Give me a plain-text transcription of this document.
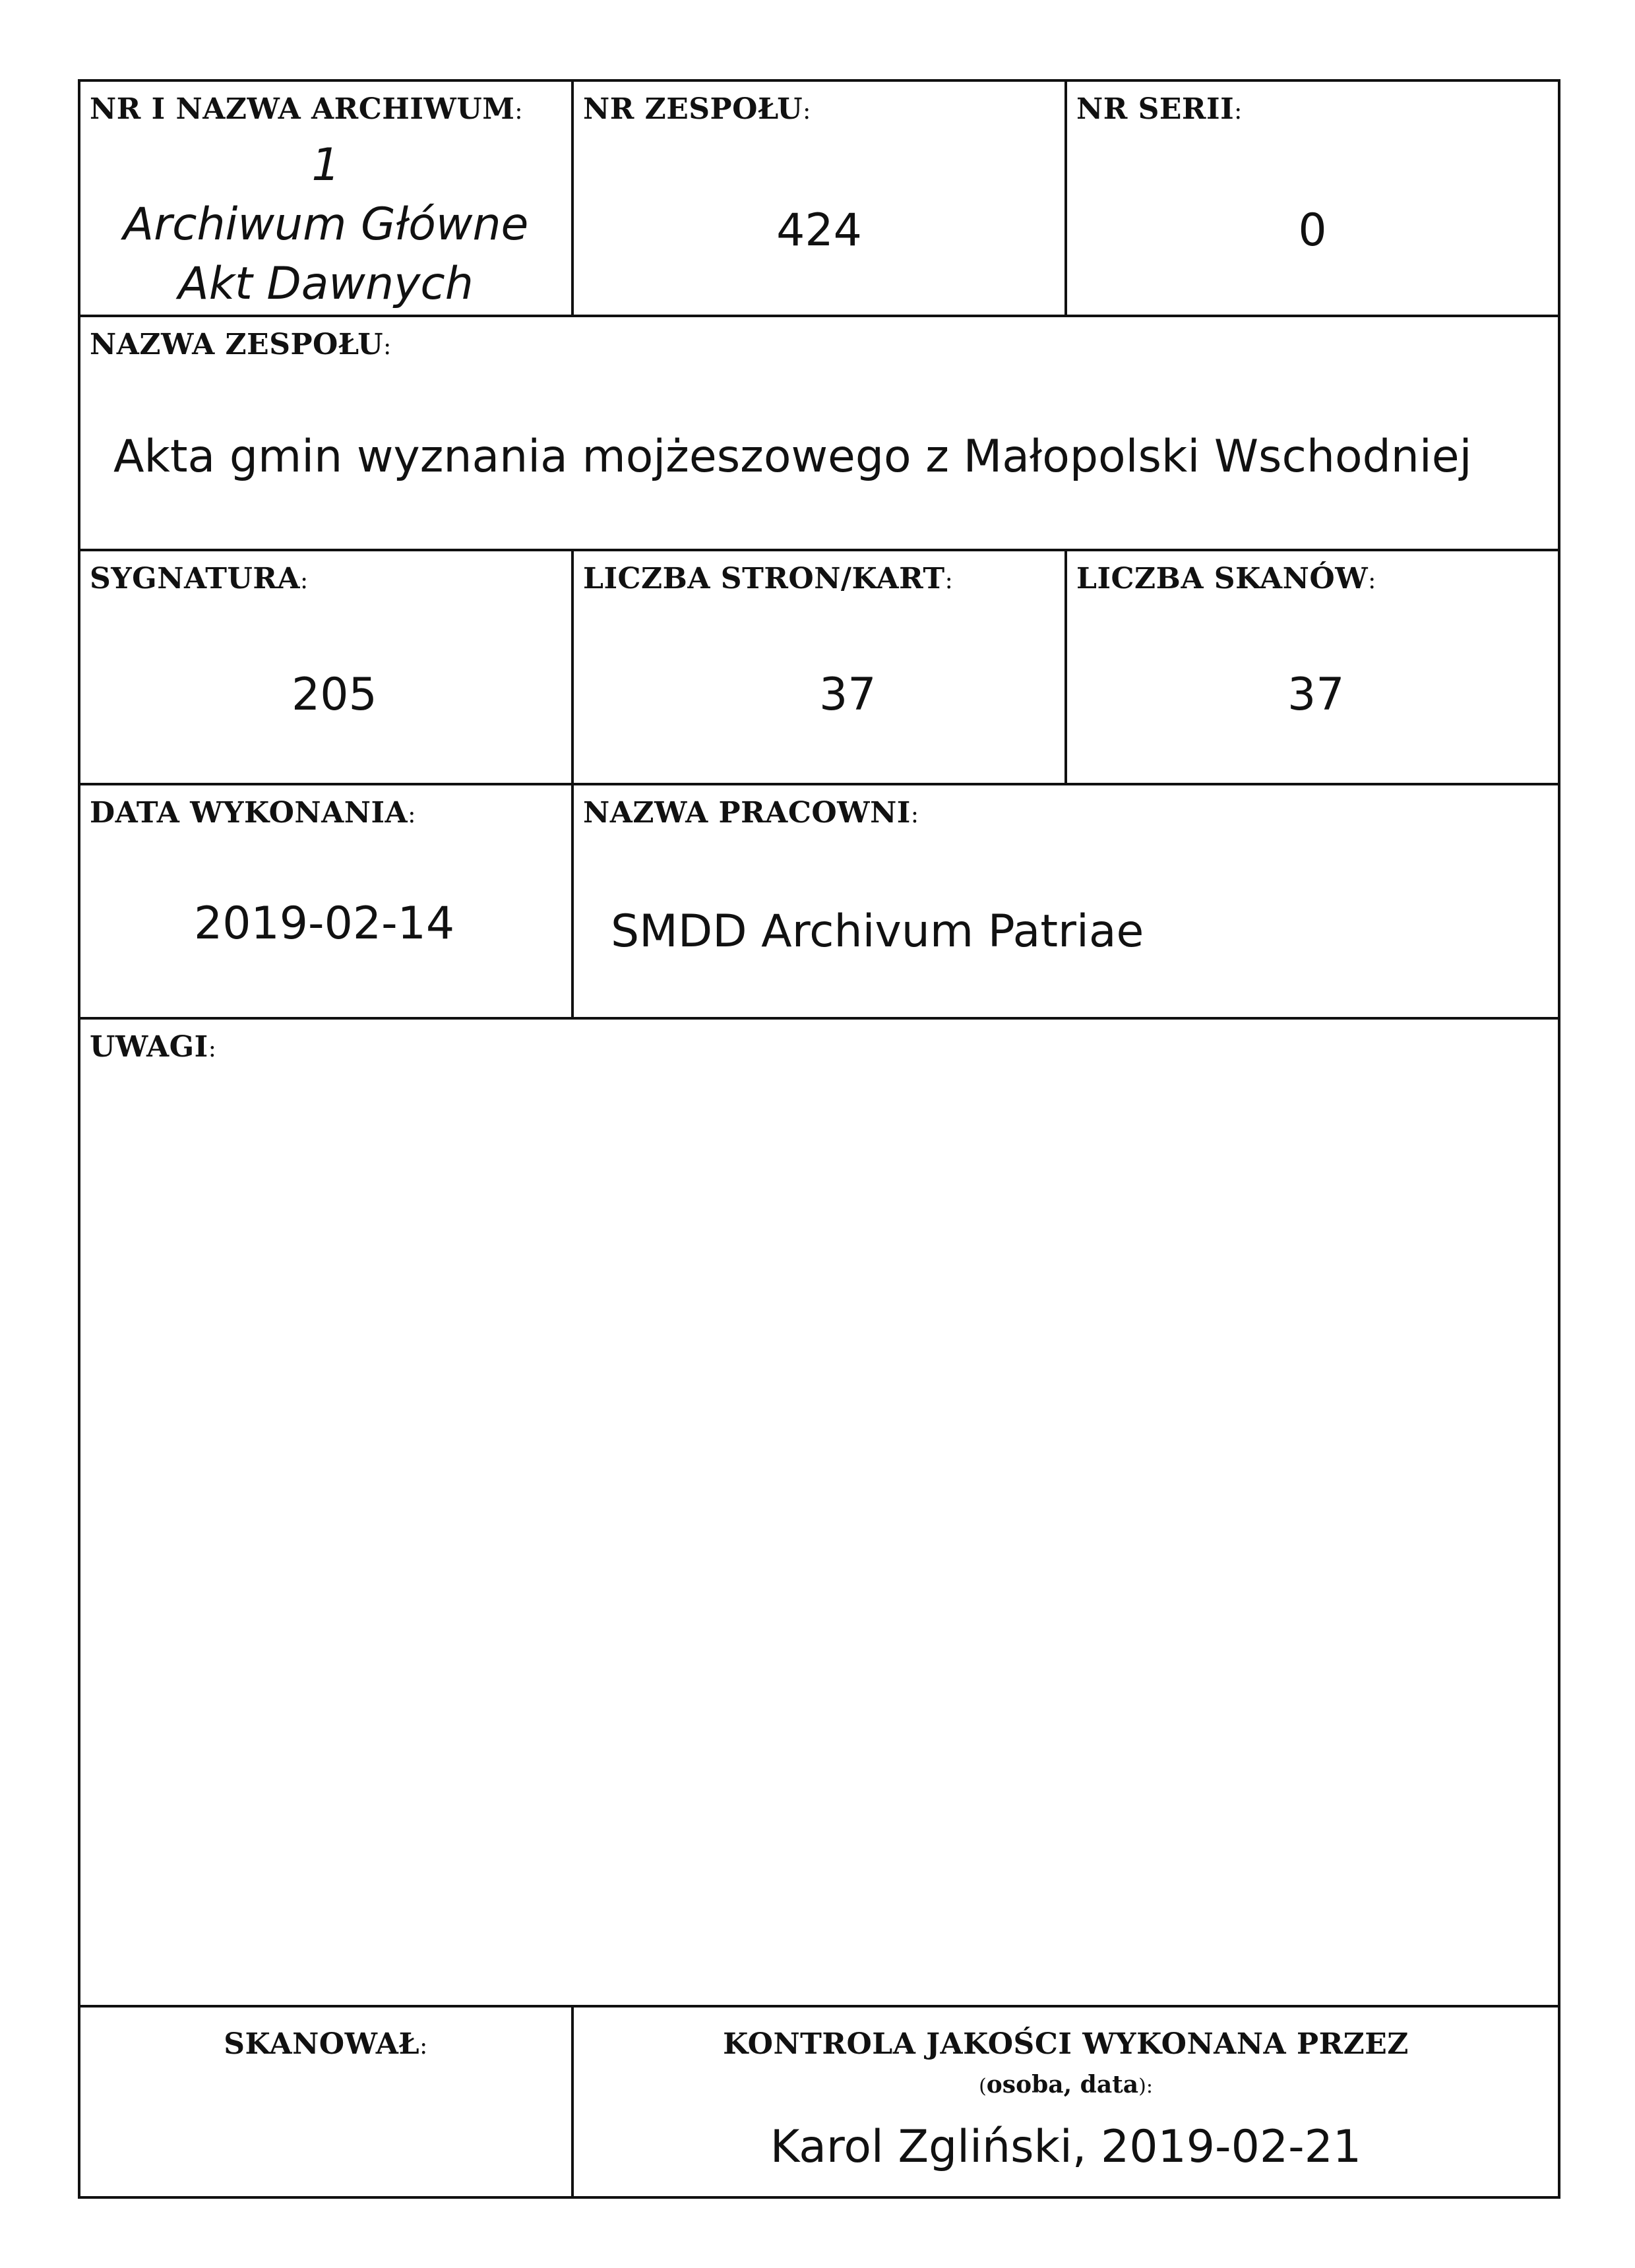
NR I NAZWA ARCHIWUM:
1
Archiwum Główne
Akt Dawnych
NR ZESPOŁU:
424
NR SERII:
0
NAZWA ZESPOŁU:
Akta gmin wyznania mojżeszowego z Małopolski Wschodniej
SYGNATURA:
205
LICZBA STRON/KART:
37
LICZBA SKANÓW:
37
DATA WYKONANIA:
2019-02-14
NAZWA PRACOWNI:
SMDD Archivum Patriae
UWAGI:
SKANOWAŁ:	KONTROLA JAKOŚCI WYKONANA PRZEZ
(osoba, data):
Karol Zgliński, 2019-02-21
